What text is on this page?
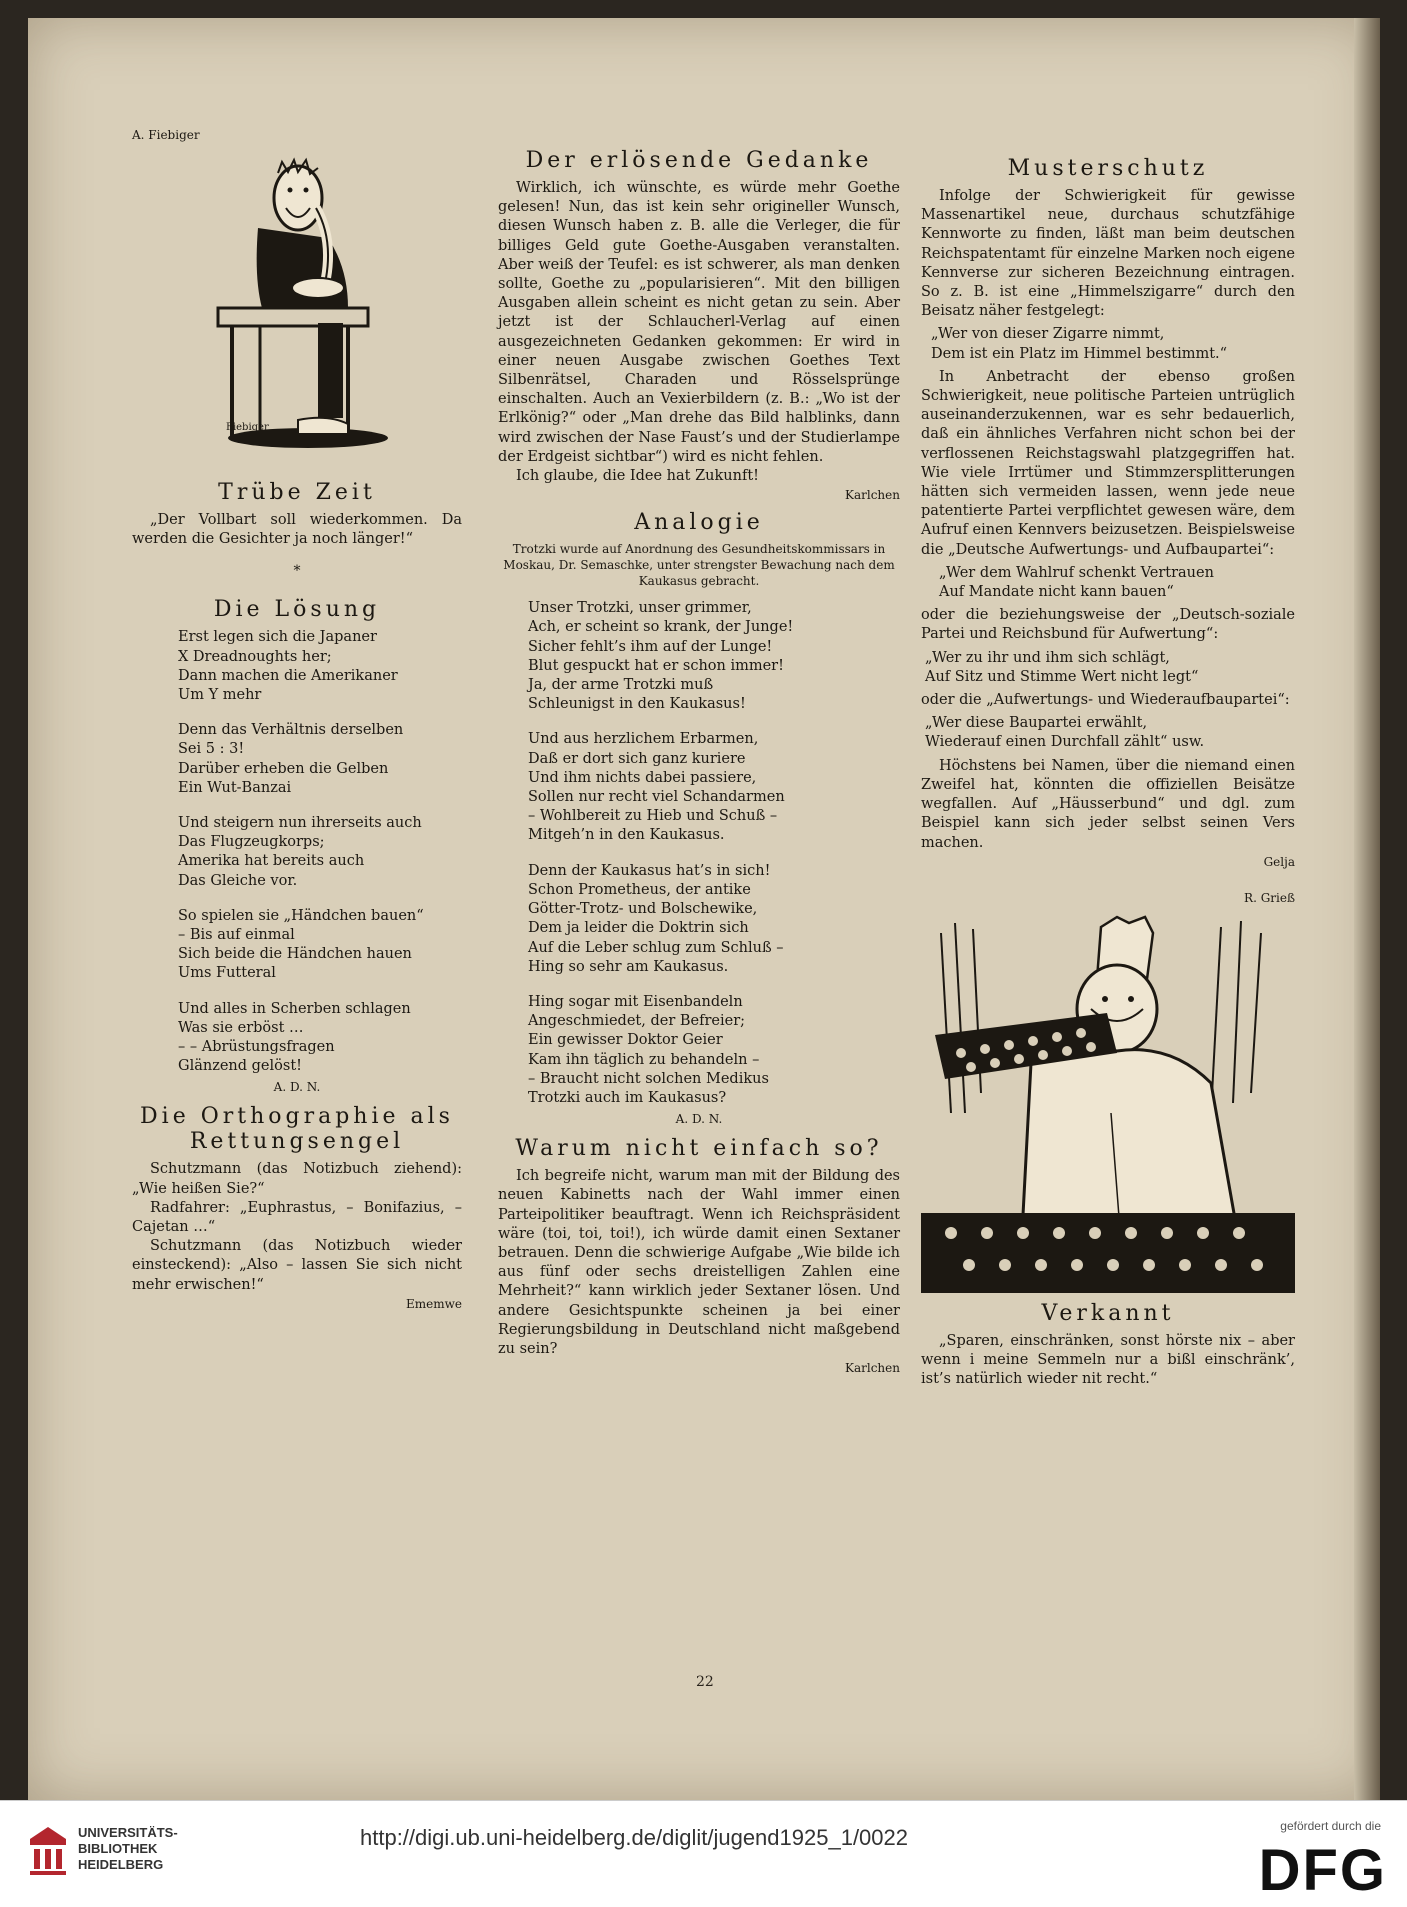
A. Fiebiger
Fiebiger
Trübe Zeit

„Der Vollbart soll wiederkommen. Da werden die Gesichter ja noch länger!“

*
Die Lösung
Erst legen sich die Japaner
X Dreadnoughts her;
Dann machen die Amerikaner
Um Y mehr
Denn das Verhältnis derselben
Sei 5 : 3!
Darüber erheben die Gelben
Ein Wut-Banzai
Und steigern nun ihrerseits auch
Das Flugzeugkorps;
Amerika hat bereits auch
Das Gleiche vor.
So spielen sie „Händchen bauen“
– Bis auf einmal
Sich beide die Händchen hauen
Ums Futteral
Und alles in Scherben schlagen
Was sie erböst …
– – Abrüstungsfragen
Glänzend gelöst!
A. D. N.
Die Orthographie als
Rettungsengel

Schutzmann (das Notizbuch ziehend): „Wie heißen Sie?“

Radfahrer: „Euphrastus, – Bonifazius, – Cajetan …“

Schutzmann (das Notizbuch wieder einsteckend): „Also – lassen Sie sich nicht mehr erwischen!“

Ememwe
Der erlösende Gedanke

Wirklich, ich wünschte, es würde mehr Goethe gelesen! Nun, das ist kein sehr origineller Wunsch, diesen Wunsch haben z. B. alle die Verleger, die für billiges Geld gute Goethe-Ausgaben veranstalten. Aber weiß der Teufel: es ist schwerer, als man denken sollte, Goethe zu „popularisieren“. Mit den billigen Ausgaben allein scheint es nicht getan zu sein. Aber jetzt ist der Schlaucherl-Verlag auf einen ausgezeichneten Gedanken gekommen: Er wird in einer neuen Ausgabe zwischen Goethes Text Silbenrätsel, Charaden und Rösselsprünge einschalten. Auch an Vexierbildern (z. B.: „Wo ist der Erlkönig?“ oder „Man drehe das Bild halblinks, dann wird zwischen der Nase Faust’s und der Studierlampe der Erdgeist sichtbar“) wird es nicht fehlen.

Ich glaube, die Idee hat Zukunft!

Karlchen
Analogie
Trotzki wurde auf Anordnung des Gesundheitskommissars in Moskau, Dr. Semaschke, unter strengster Bewachung nach dem Kaukasus gebracht.
Unser Trotzki, unser grimmer,
Ach, er scheint so krank, der Junge!
Sicher fehlt’s ihm auf der Lunge!
Blut gespuckt hat er schon immer!
Ja, der arme Trotzki muß
Schleunigst in den Kaukasus!
Und aus herzlichem Erbarmen,
Daß er dort sich ganz kuriere
Und ihm nichts dabei passiere,
Sollen nur recht viel Schandarmen
– Wohlbereit zu Hieb und Schuß –
Mitgeh’n in den Kaukasus.
Denn der Kaukasus hat’s in sich!
Schon Prometheus, der antike
Götter-Trotz- und Bolschewike,
Dem ja leider die Doktrin sich
Auf die Leber schlug zum Schluß –
Hing so sehr am Kaukasus.
Hing sogar mit Eisenbandeln
Angeschmiedet, der Befreier;
Ein gewisser Doktor Geier
Kam ihn täglich zu behandeln –
– Braucht nicht solchen Medikus
Trotzki auch im Kaukasus?
A. D. N.
Warum nicht einfach so?

Ich begreife nicht, warum man mit der Bildung des neuen Kabinetts nach der Wahl immer einen Parteipolitiker beauftragt. Wenn ich Reichspräsident wäre (toi, toi, toi!), ich würde damit einen Sextaner betrauen. Denn die schwierige Aufgabe „Wie bilde ich aus fünf oder sechs dreistelligen Zahlen eine Mehrheit?“ kann wirklich jeder Sextaner lösen. Und andere Gesichtspunkte scheinen ja bei einer Regierungsbildung in Deutschland nicht maßgebend zu sein?

Karlchen
Musterschutz

Infolge der Schwierigkeit für gewisse Massenartikel neue, durchaus schutzfähige Kennworte zu finden, läßt man beim deutschen Reichspatentamt für einzelne Marken noch eigene Kennverse zur sicheren Bezeichnung eintragen. So z. B. ist eine „Himmelszigarre“ durch den Beisatz näher festgelegt:

„Wer von dieser Zigarre nimmt,
Dem ist ein Platz im Himmel bestimmt.“

In Anbetracht der ebenso großen Schwierigkeit, neue politische Parteien untrüglich auseinanderzukennen, war es sehr bedauerlich, daß ein ähnliches Verfahren nicht schon bei der verflossenen Reichstagswahl platzgegriffen hat. Wie viele Irrtümer und Stimmzersplitterungen hätten sich vermeiden lassen, wenn jede neue patentierte Partei verpflichtet gewesen wäre, dem Aufruf einen Kennvers beizusetzen. Beispielsweise die „Deutsche Aufwertungs- und Aufbaupartei“:

„Wer dem Wahlruf schenkt Vertrauen
Auf Mandate nicht kann bauen“

oder die beziehungsweise der „Deutsch-soziale Partei und Reichsbund für Aufwertung“:

„Wer zu ihr und ihm sich schlägt,
Auf Sitz und Stimme Wert nicht legt“

oder die „Aufwertungs- und Wiederaufbaupartei“:

„Wer diese Baupartei erwählt,
Wiederauf einen Durchfall zählt“ usw.

Höchstens bei Namen, über die niemand einen Zweifel hat, könnten die offiziellen Beisätze wegfallen. Auf „Häusserbund“ und dgl. zum Beispiel kann sich jeder selbst seinen Vers machen.

Gelja
R. Grieß
Verkannt

„Sparen, einschränken, sonst hörste nix – aber wenn i meine Semmeln nur a bißl einschränk’, ist’s natürlich wieder nit recht.“

22
UNIVERSITÄTS-
BIBLIOTHEK
HEIDELBERG
http://digi.ub.uni-heidelberg.de/diglit/jugend1925_1/0022	gefördert durch die
DFG
